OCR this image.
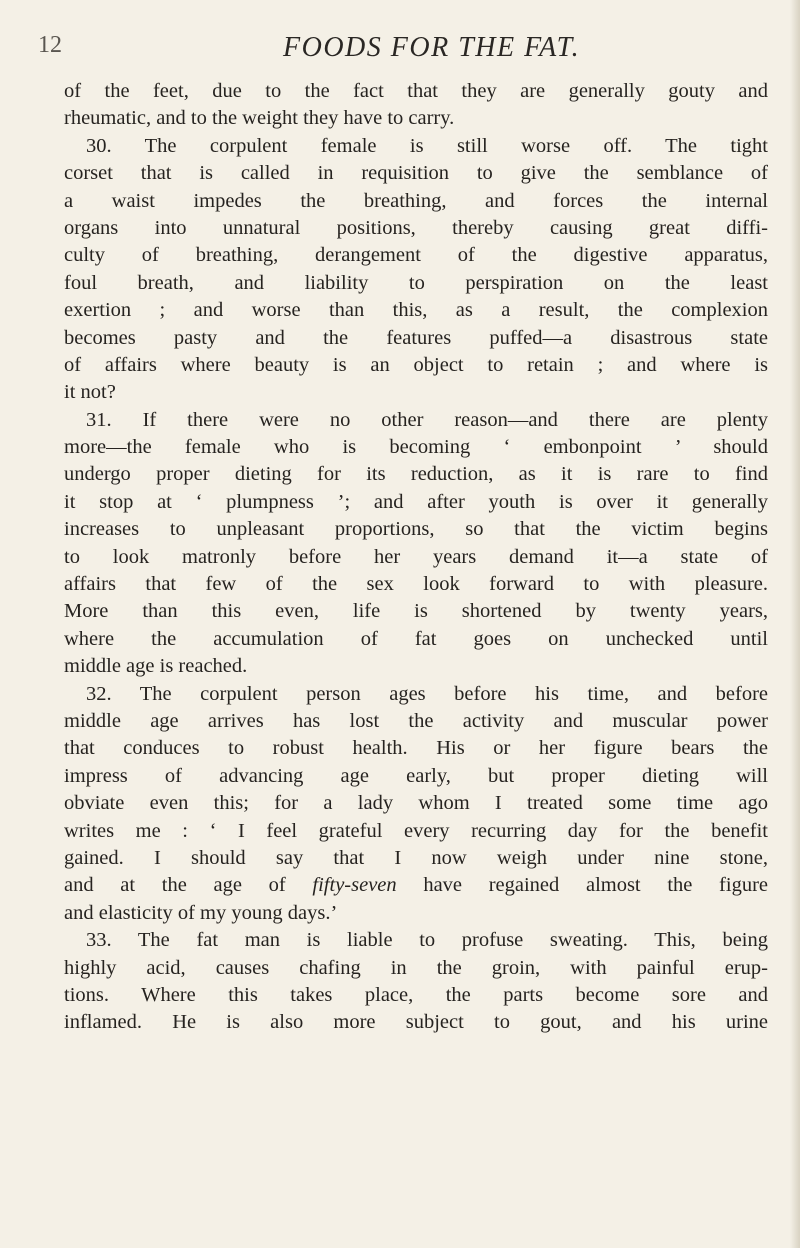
12	FOODS FOR THE FAT.
of the feet, due to the fact that they are generally gouty and
rheumatic, and to the weight they have to carry.
30. The corpulent female is still worse off. The tight
corset that is called in requisition to give the semblance of
a waist impedes the breathing, and forces the internal
organs into unnatural positions, thereby causing great diffi-
culty of breathing, derangement of the digestive apparatus,
foul breath, and liability to perspiration on the least
exertion ; and worse than this, as a result, the complexion
becomes pasty and the features puffed—a disastrous state
of affairs where beauty is an object to retain ; and where is
it not?
31. If there were no other reason—and there are plenty
more—the female who is becoming ‘ embonpoint ’ should
undergo proper dieting for its reduction, as it is rare to find
it stop at ‘ plumpness ’; and after youth is over it generally
increases to unpleasant proportions, so that the victim begins
to look matronly before her years demand it—a state of
affairs that few of the sex look forward to with pleasure.
More than this even, life is shortened by twenty years,
where the accumulation of fat goes on unchecked until
middle age is reached.
32. The corpulent person ages before his time, and before
middle age arrives has lost the activity and muscular power
that conduces to robust health. His or her figure bears the
impress of advancing age early, but proper dieting will
obviate even this; for a lady whom I treated some time ago
writes me : ‘ I feel grateful every recurring day for the benefit
gained. I should say that I now weigh under nine stone,
and at the age of fifty-seven have regained almost the figure
and elasticity of my young days.’
33. The fat man is liable to profuse sweating. This, being
highly acid, causes chafing in the groin, with painful erup-
tions. Where this takes place, the parts become sore and
inflamed. He is also more subject to gout, and his urine
